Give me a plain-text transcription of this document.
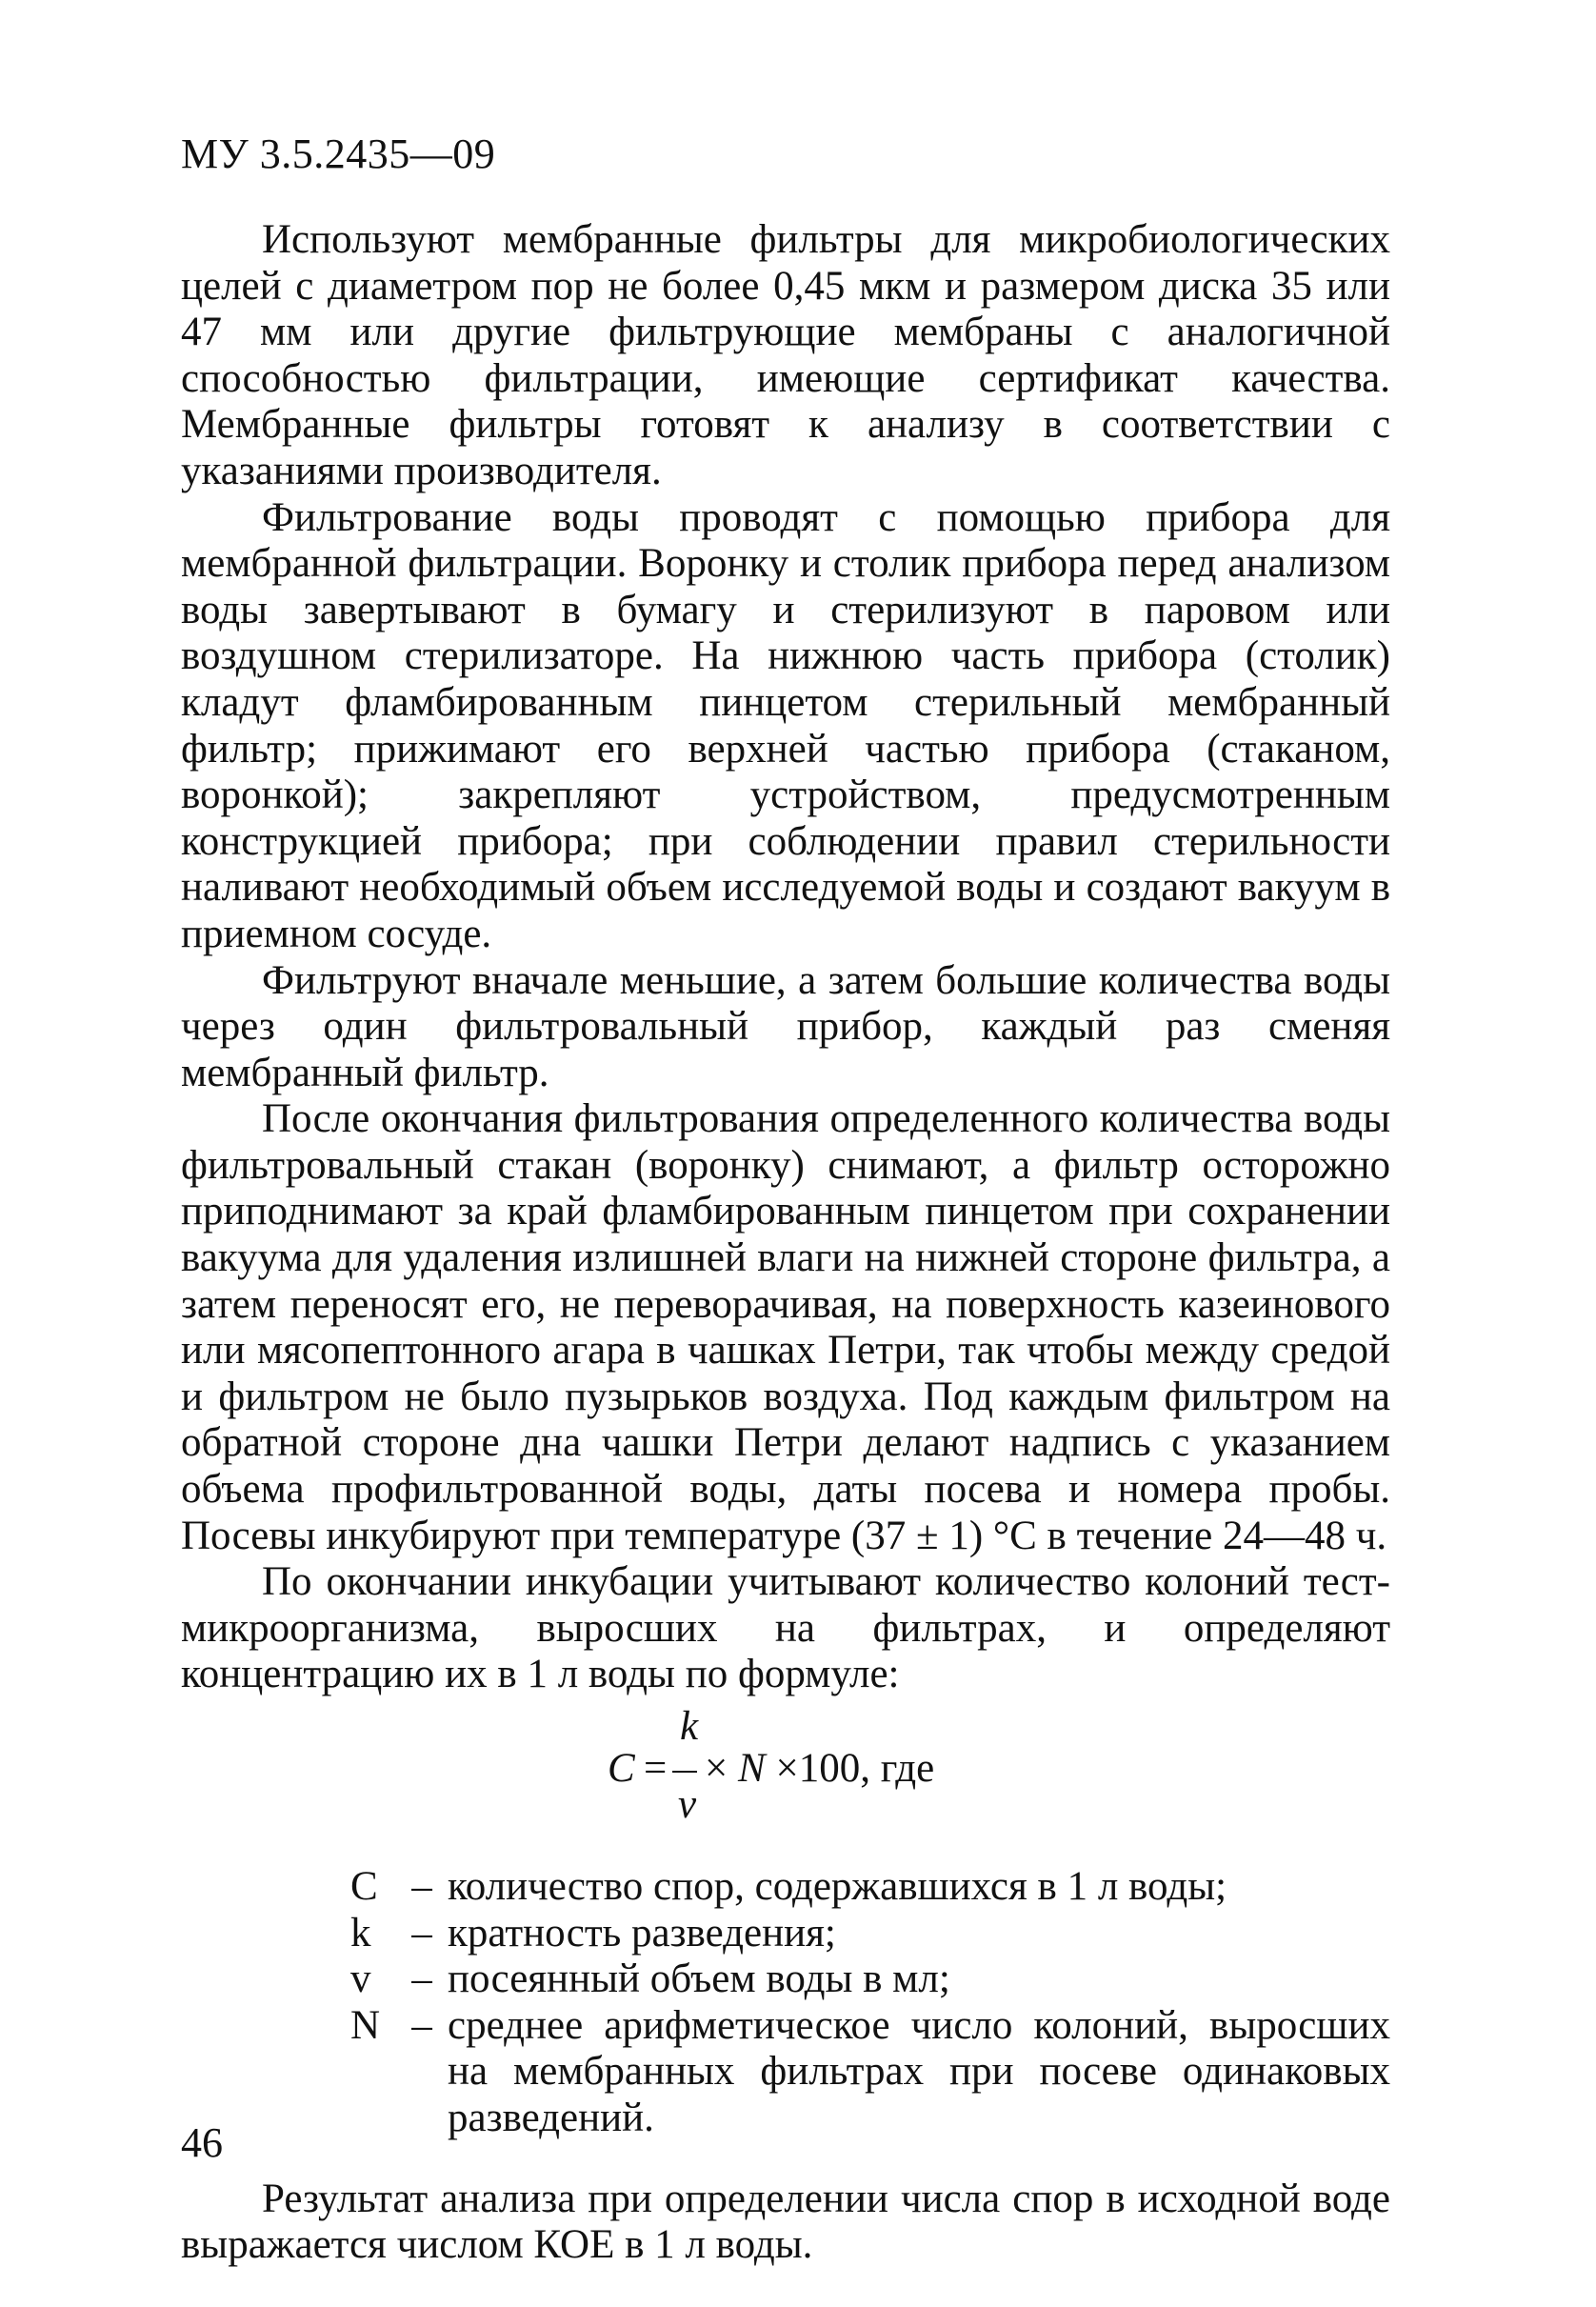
МУ 3.5.2435—09

Используют мембранные фильтры для микробиологических целей с диаметром пор не более 0,45 мкм и размером диска 35 или 47 мм или другие фильтрующие мембраны с аналогичной способностью фильтрации, имеющие сертификат качества. Мембранные фильтры готовят к анализу в соответствии с указаниями производителя.

Фильтрование воды проводят с помощью прибора для мембранной фильтрации. Воронку и столик прибора перед анализом воды завертывают в бумагу и стерилизуют в паровом или воздушном стерилизаторе. На нижнюю часть прибора (столик) кладут фламбированным пинцетом стерильный мембранный фильтр; прижимают его верхней частью прибора (стаканом, воронкой); закрепляют устройством, предусмотренным конструкцией прибора; при соблюдении правил стерильности наливают необходимый объем исследуемой воды и создают вакуум в приемном сосуде.

Фильтруют вначале меньшие, а затем большие количества воды через один фильтровальный прибор, каждый раз сменяя мембранный фильтр.

После окончания фильтрования определенного количества воды фильтровальный стакан (воронку) снимают, а фильтр осторожно приподнимают за край фламбированным пинцетом при сохранении вакуума для удаления излишней влаги на нижней стороне фильтра, а затем переносят его, не переворачивая, на поверхность казеинового или мясопептонного агара в чашках Петри, так чтобы между средой и фильтром не было пузырьков воздуха. Под каждым фильтром на обратной стороне дна чашки Петри делают надпись с указанием объема профильтрованной воды, даты посева и номера пробы. Посевы инкубируют при температуре (37 ± 1) °С в течение 24—48 ч.

По окончании инкубации учитывают количество колоний тест-микроорганизма, выросших на фильтрах, и определяют концентрацию их в 1 л воды по формуле:

C =
k
v
× N ×100, где
C – количество спор, содержавшихся в 1 л воды;
k – кратность разведения;
v – посеянный объем воды в мл;
N – среднее арифметическое число колоний, выросших на мембранных фильтрах при посеве одинаковых разведений.

Результат анализа при определении числа спор в исходной воде выражается числом КОЕ в 1 л воды.

46
